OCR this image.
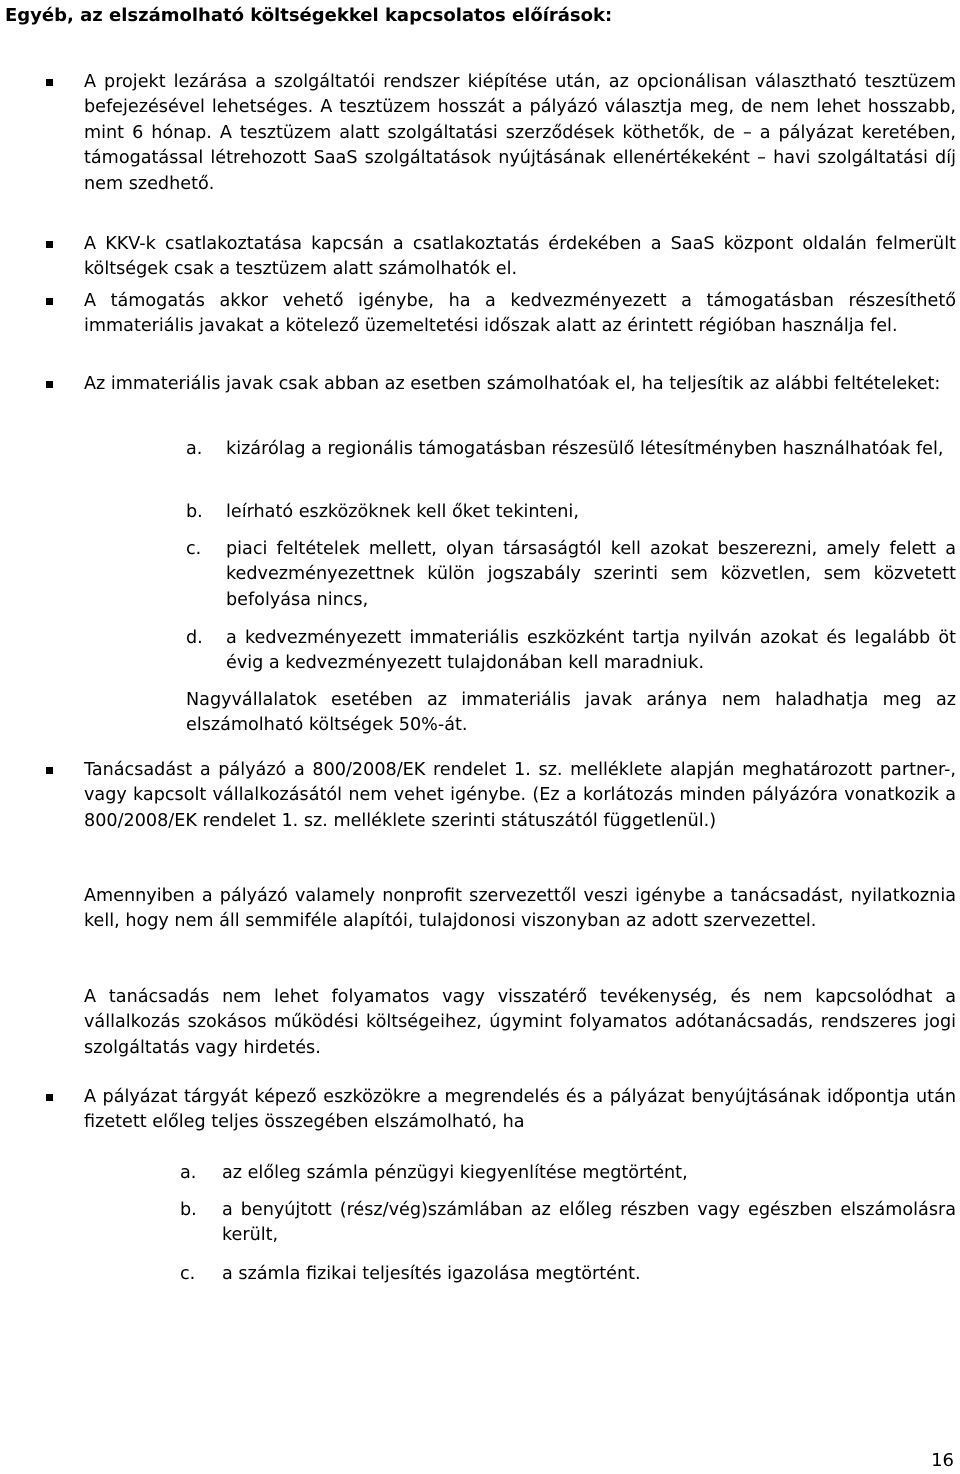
Egyéb, az elszámolható költségekkel kapcsolatos előírások:
A projekt lezárása a szolgáltatói rendszer kiépítése után, az opcionálisan választható tesztüzem befejezésével lehetséges. A tesztüzem hosszát a pályázó választja meg, de nem lehet hosszabb, mint 6 hónap. A tesztüzem alatt szolgáltatási szerződések köthetők, de – a pályázat keretében, támogatással létrehozott SaaS szolgáltatások nyújtásának ellenértékeként – havi szolgáltatási díj nem szedhető.
A KKV-k csatlakoztatása kapcsán a csatlakoztatás érdekében a SaaS központ oldalán felmerült költségek csak a tesztüzem alatt számolhatók el.
A támogatás akkor vehető igénybe, ha a kedvezményezett a támogatásban részesíthető immateriális javakat a kötelező üzemeltetési időszak alatt az érintett régióban használja fel.
Az immateriális javak csak abban az esetben számolhatóak el, ha teljesítik az alábbi feltételeket:
a.	kizárólag a regionális támogatásban részesülő létesítményben használhatóak fel,
b.	leírható eszközöknek kell őket tekinteni,
c.	piaci feltételek mellett, olyan társaságtól kell azokat beszerezni, amely felett a kedvezményezettnek külön jogszabály szerinti sem közvetlen, sem közvetett befolyása nincs,
d.	a kedvezményezett immateriális eszközként tartja nyilván azokat és legalább öt évig a kedvezményezett tulajdonában kell maradniuk.

Nagyvállalatok esetében az immateriális javak aránya nem haladhatja meg az elszámolható költségek 50%-át.

Tanácsadást a pályázó a 800/2008/EK rendelet 1. sz. melléklete alapján meghatározott partner-, vagy kapcsolt vállalkozásától nem vehet igénybe. (Ez a korlátozás minden pályázóra vonatkozik a 800/2008/EK rendelet 1. sz. melléklete szerinti státuszától függetlenül.)

Amennyiben a pályázó valamely nonprofit szervezettől veszi igénybe a tanácsadást, nyilatkoznia kell, hogy nem áll semmiféle alapítói, tulajdonosi viszonyban az adott szervezettel.

A tanácsadás nem lehet folyamatos vagy visszatérő tevékenység, és nem kapcsolódhat a vállalkozás szokásos működési költségeihez, úgymint folyamatos adótanácsadás, rendszeres jogi szolgáltatás vagy hirdetés.

A pályázat tárgyát képező eszközökre a megrendelés és a pályázat benyújtásának időpontja után fizetett előleg teljes összegében elszámolható, ha
a.	az előleg számla pénzügyi kiegyenlítése megtörtént,
b.	a benyújtott (rész/vég)számlában az előleg részben vagy egészben elszámolásra került,
c.	a számla fizikai teljesítés igazolása megtörtént.
16
